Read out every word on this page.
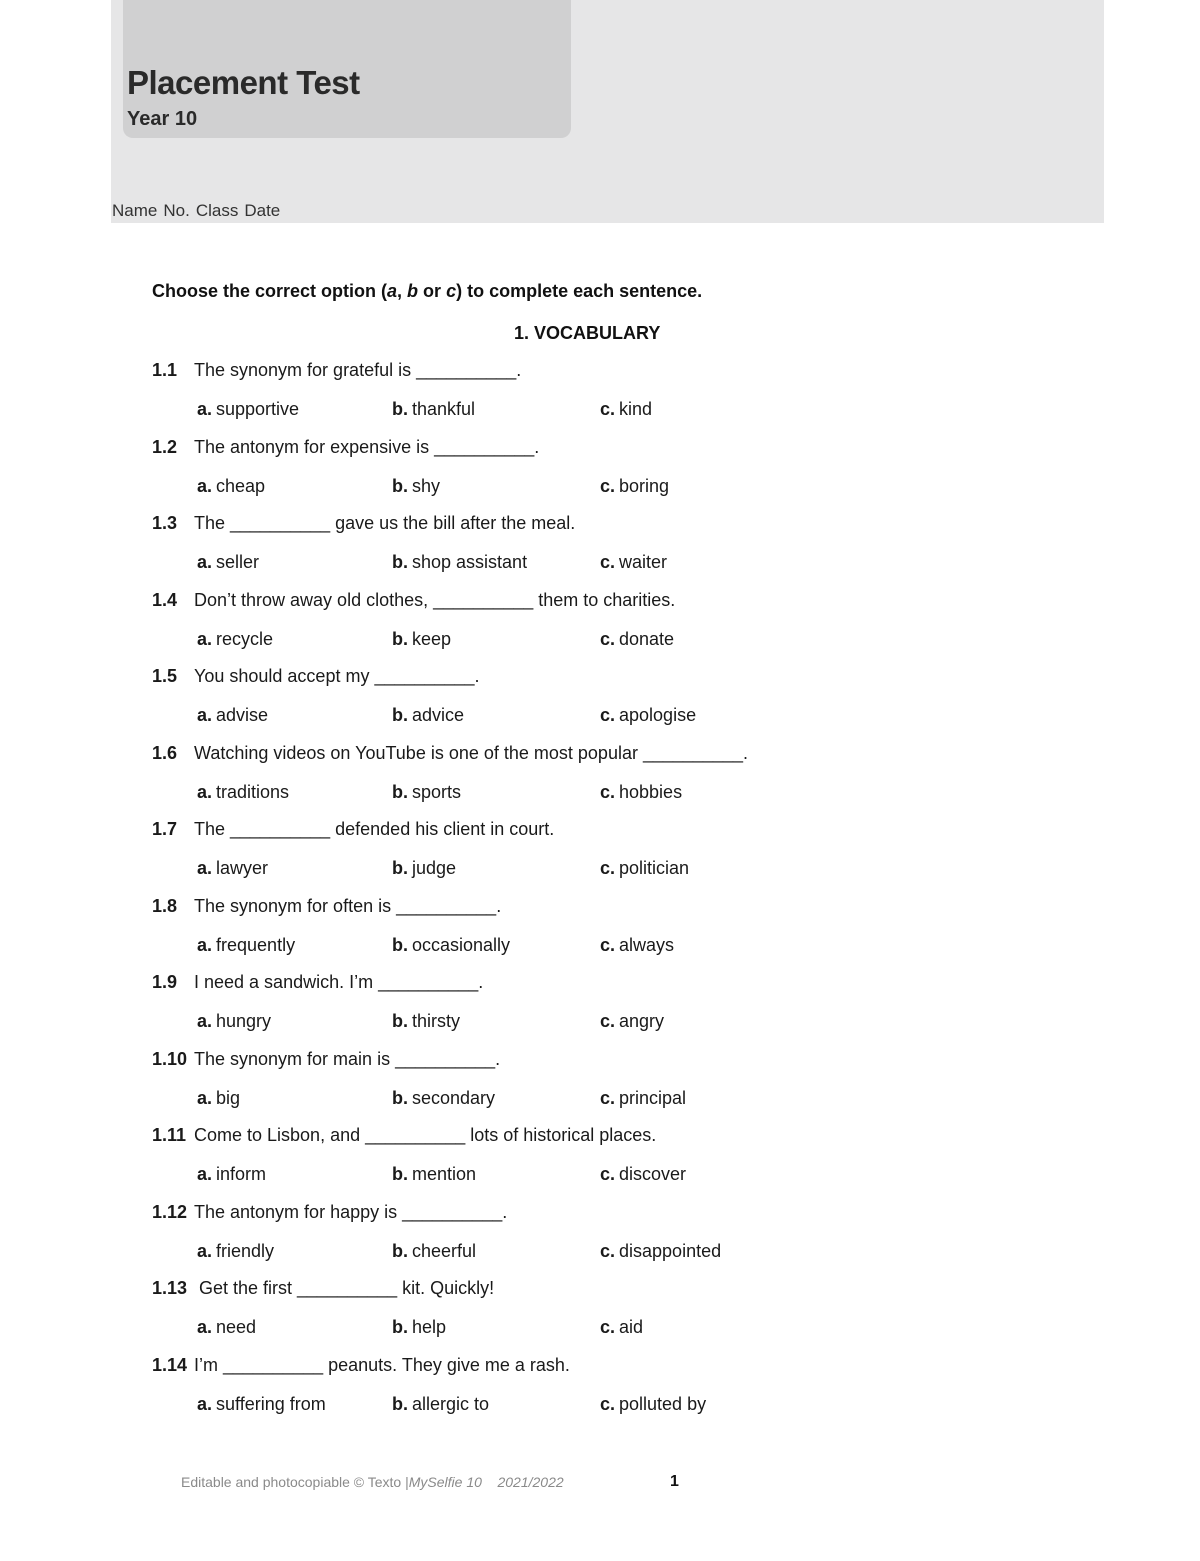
Placement Test
Year 10
Name No. Class Date
Choose the correct option (a, b or c) to complete each sentence.
1. VOCABULARY
1.1 The synonym for grateful is __________.
a. supportive	b. thankful	c. kind
1.2 The antonym for expensive is __________.
a. cheap	b. shy	c. boring
1.3 The __________ gave us the bill after the meal.
a. seller	b. shop assistant	c. waiter
1.4 Don’t throw away old clothes, __________ them to charities.
a. recycle	b. keep	c. donate
1.5 You should accept my __________.
a. advise	b. advice	c. apologise
1.6 Watching videos on YouTube is one of the most popular __________.
a. traditions	b. sports	c. hobbies
1.7 The __________ defended his client in court.
a. lawyer	b. judge	c. politician
1.8 The synonym for often is __________.
a. frequently	b. occasionally	c. always
1.9 I need a sandwich. I’m __________.
a. hungry	b. thirsty	c. angry
1.10 The synonym for main is __________.
a. big	b. secondary	c. principal
1.11 Come to Lisbon, and __________ lots of historical places.
a. inform	b. mention	c. discover
1.12 The antonym for happy is __________.
a. friendly	b. cheerful	c. disappointed
1.13 Get the first __________ kit. Quickly!
a. need	b. help	c. aid
1.14 I’m __________ peanuts. They give me a rash.
a. suffering from	b. allergic to	c. polluted by
Editable and photocopiable © Texto |MySelfie 10 2021/2022	1
